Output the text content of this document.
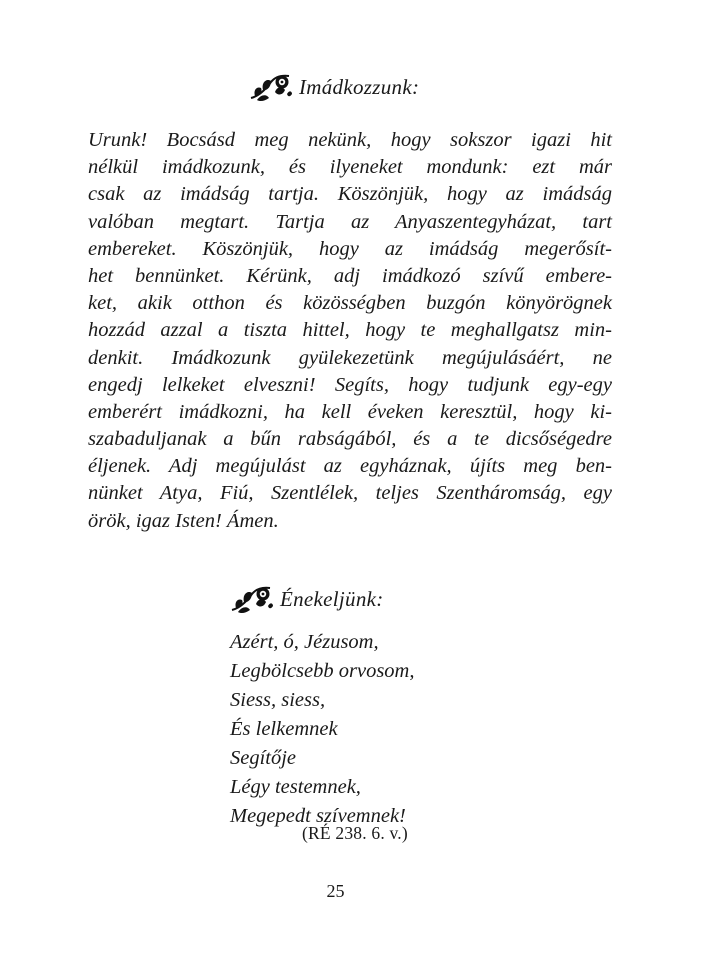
Imádkozzunk:
Urunk! Bocsásd meg nekünk, hogy sokszor igazi hit
nélkül imádkozunk, és ilyeneket mondunk: ezt már
csak az imádság tartja. Köszönjük, hogy az imádság
valóban megtart. Tartja az Anyaszentegyházat, tart
embereket. Köszönjük, hogy az imádság megerősít-
het bennünket. Kérünk, adj imádkozó szívű embere-
ket, akik otthon és közösségben buzgón könyörögnek
hozzád azzal a tiszta hittel, hogy te meghallgatsz min-
denkit. Imádkozunk gyülekezetünk megújulásáért, ne
engedj lelkeket elveszni! Segíts, hogy tudjunk egy-egy
emberért imádkozni, ha kell éveken keresztül, hogy ki-
szabaduljanak a bűn rabságából, és a te dicsőségedre
éljenek. Adj megújulást az egyháznak, újíts meg ben-
nünket Atya, Fiú, Szentlélek, teljes Szentháromság, egy
örök, igaz Isten! Ámen.
Énekeljünk:
Azért, ó, Jézusom,
Legbölcsebb orvosom,
Siess, siess,
És lelkemnek
Segítője
Légy testemnek,
Megepedt szívemnek!
(RÉ 238. 6. v.)
25
